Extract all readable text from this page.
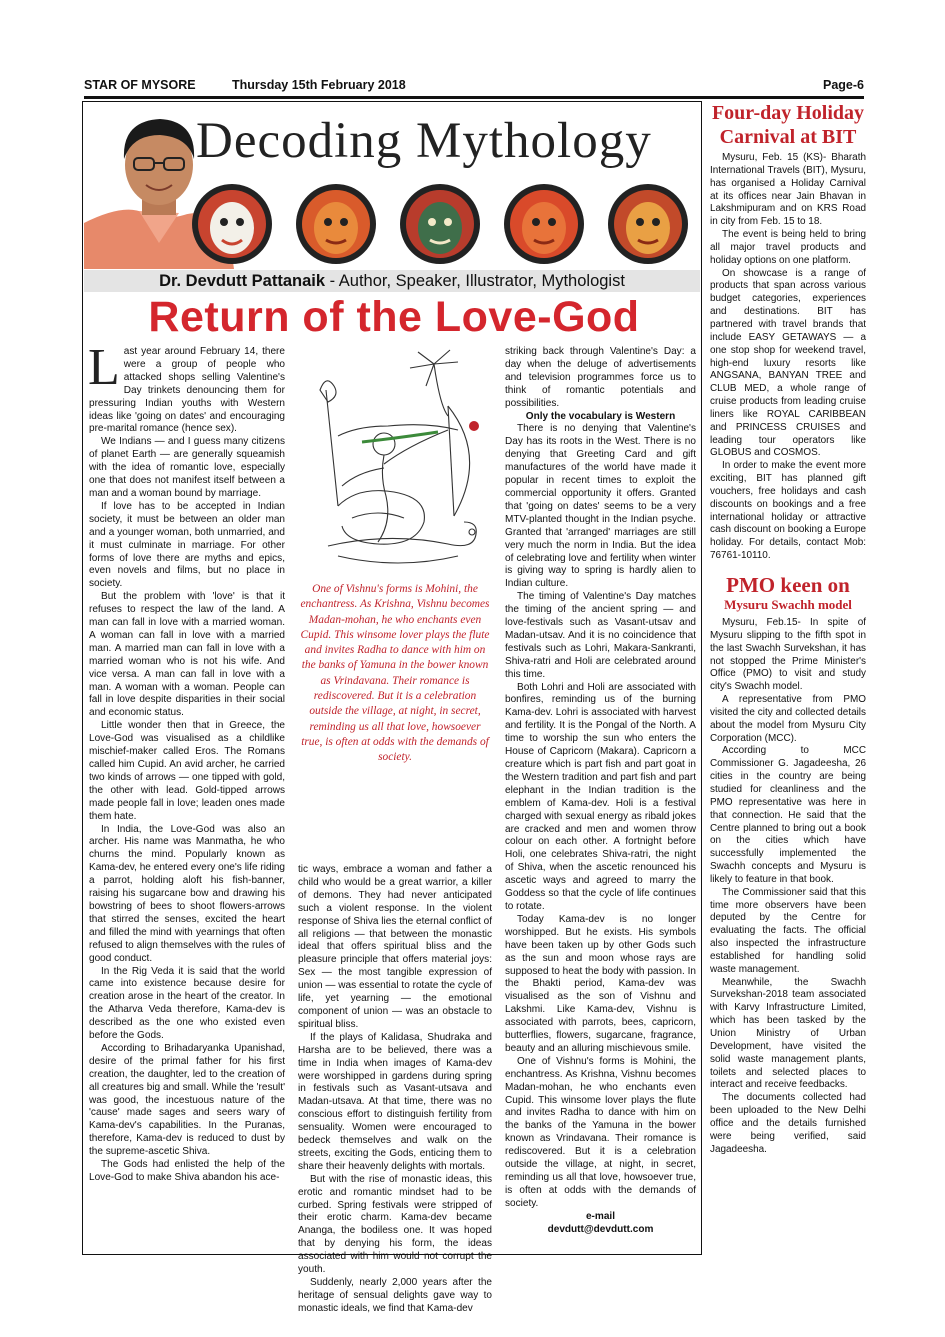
STAR OF MYSORE	Thursday 15th February 2018	Page-6
Decoding Mythology
Dr. Devdutt Pattanaik - Author, Speaker, Illustrator, Mythologist
Return of the Love-God
L ast year around February 14, there were a group of people who attacked shops selling Valentine's Day trinkets denouncing them for pressuring Indian youths with Western ideas like 'going on dates' and encouraging pre-marital romance (hence sex).

We Indians — and I guess many citizens of planet Earth — are generally squeamish with the idea of romantic love, especially one that does not manifest itself between a man and a woman bound by marriage.

If love has to be accepted in Indian society, it must be between an older man and a younger woman, both unmarried, and it must culminate in marriage. For other forms of love there are myths and epics, even novels and films, but no place in society.

But the problem with 'love' is that it refuses to respect the law of the land. A man can fall in love with a married woman. A woman can fall in love with a married man. A married man can fall in love with a married woman who is not his wife. And vice versa. A man can fall in love with a man. A woman with a woman. People can fall in love despite disparities in their social and economic status.

Little wonder then that in Greece, the Love-God was visualised as a childlike mischief-maker called Eros. The Romans called him Cupid. An avid archer, he carried two kinds of arrows — one tipped with gold, the other with lead. Gold-tipped arrows made people fall in love; leaden ones made them hate.

In India, the Love-God was also an archer. His name was Manmatha, he who churns the mind. Popularly known as Kama-dev, he entered every one's life riding a parrot, holding aloft his fish-banner, raising his sugarcane bow and drawing his bowstring of bees to shoot flowers-arrows that stirred the senses, excited the heart and filled the mind with yearnings that often refused to align themselves with the rules of good conduct.

In the Rig Veda it is said that the world came into existence because desire for creation arose in the heart of the creator. In the Atharva Veda therefore, Kama-dev is described as the one who existed even before the Gods.

According to Brihadaryanka Upanishad, desire of the primal father for his first creation, the daughter, led to the creation of all creatures big and small. While the 'result' was good, the incestuous nature of the 'cause' made sages and seers wary of Kama-dev's capabilities. In the Puranas, therefore, Kama-dev is reduced to dust by the supreme-ascetic Shiva.

The Gods had enlisted the help of the Love-God to make Shiva abandon his ace-

One of Vishnu's forms is Mohini, the enchantress. As Krishna, Vishnu becomes Madan-mohan, he who enchants even Cupid. This winsome lover plays the flute and invites Radha to dance with him on the banks of Yamuna in the bower known as Vrindavana. Their romance is rediscovered. But it is a celebration outside the village, at night, in secret, reminding us all that love, howsoever true, is often at odds with the demands of society.

tic ways, embrace a woman and father a child who would be a great warrior, a killer of demons. They had never anticipated such a violent response. In the violent response of Shiva lies the eternal conflict of all religions — that between the monastic ideal that offers spiritual bliss and the pleasure principle that offers material joys: Sex — the most tangible expression of union — was essential to rotate the cycle of life, yet yearning — the emotional component of union — was an obstacle to spiritual bliss.

If the plays of Kalidasa, Shudraka and Harsha are to be believed, there was a time in India when images of Kama-dev were worshipped in gardens during spring in festivals such as Vasant-utsava and Madan-utsava. At that time, there was no conscious effort to distinguish fertility from sensuality. Women were encouraged to bedeck themselves and walk on the streets, exciting the Gods, enticing them to share their heavenly delights with mortals.

But with the rise of monastic ideas, this erotic and romantic mindset had to be curbed. Spring festivals were stripped of their erotic charm. Kama-dev became Ananga, the bodiless one. It was hoped that by denying his form, the ideas associated with him would not corrupt the youth.

Suddenly, nearly 2,000 years after the heritage of sensual delights gave way to monastic ideals, we find that Kama-dev

striking back through Valentine's Day: a day when the deluge of advertisements and television programmes force us to think of romantic potentials and possibilities.

Only the vocabulary is Western

There is no denying that Valentine's Day has its roots in the West. There is no denying that Greeting Card and gift manufactures of the world have made it popular in recent times to exploit the commercial opportunity it offers. Granted that 'going on dates' seems to be a very MTV-planted thought in the Indian psyche. Granted that 'arranged' marriages are still very much the norm in India. But the idea of celebrating love and fertility when winter is giving way to spring is hardly alien to Indian culture.

The timing of Valentine's Day matches the timing of the ancient spring — and love-festivals such as Vasant-utsav and Madan-utsav. And it is no coincidence that festivals such as Lohri, Makara-Sankranti, Shiva-ratri and Holi are celebrated around this time.

Both Lohri and Holi are associated with bonfires, reminding us of the burning Kama-dev. Lohri is associated with harvest and fertility. It is the Pongal of the North. A time to worship the sun who enters the House of Capricorn (Makara). Capricorn a creature which is part fish and part goat in the Western tradition and part fish and part elephant in the Indian tradition is the emblem of Kama-dev. Holi is a festival charged with sexual energy as ribald jokes are cracked and men and women throw colour on each other. A fortnight before Holi, one celebrates Shiva-ratri, the night of Shiva, when the ascetic renounced his ascetic ways and agreed to marry the Goddess so that the cycle of life continues to rotate.

Today Kama-dev is no longer worshipped. But he exists. His symbols have been taken up by other Gods such as the sun and moon whose rays are supposed to heat the body with passion. In the Bhakti period, Kama-dev was visualised as the son of Vishnu and Lakshmi. Like Kama-dev, Vishnu is associated with parrots, bees, capricorn, butterflies, flowers, sugarcane, fragrance, beauty and an alluring mischievous smile.

One of Vishnu's forms is Mohini, the enchantress. As Krishna, Vishnu becomes Madan-mohan, he who enchants even Cupid. This winsome lover plays the flute and invites Radha to dance with him on the banks of the Yamuna in the bower known as Vrindavana. Their romance is rediscovered. But it is a celebration outside the village, at night, in secret, reminding us all that love, howsoever true, is often at odds with the demands of society.

e-mail

devdutt@devdutt.com

Four-day Holiday Carnival at BIT

Mysuru, Feb. 15 (KS)- Bharath International Travels (BIT), Mysuru, has organised a Holiday Carnival at its offices near Jain Bhavan in Lakshmipuram and on KRS Road in city from Feb. 15 to 18.

The event is being held to bring all major travel products and holiday options on one platform.

On showcase is a range of products that span across various budget categories, experiences and destinations. BIT has partnered with travel brands that include EASY GETAWAYS — a one stop shop for weekend travel, high-end luxury resorts like ANGSANA, BANYAN TREE and CLUB MED, a whole range of cruise products from leading cruise liners like ROYAL CARIBBEAN and PRINCESS CRUISES and leading tour operators like GLOBUS and COSMOS.

In order to make the event more exciting, BIT has planned gift vouchers, free holidays and cash discounts on bookings and a free international holiday or attractive cash discount on booking a Europe holiday. For details, contact Mob: 76761-10110.

PMO keen on
Mysuru Swachh model

Mysuru, Feb.15- In spite of Mysuru slipping to the fifth spot in the last Swachh Survekshan, it has not stopped the Prime Minister's Office (PMO) to visit and study city's Swachh model.

A representative from PMO visited the city and collected details about the model from Mysuru City Corporation (MCC).

According to MCC Commissioner G. Jagadeesha, 26 cities in the country are being studied for cleanliness and the PMO representative was here in that connection. He said that the Centre planned to bring out a book on the cities which have successfully implemented the Swachh concepts and Mysuru is likely to feature in that book.

The Commissioner said that this time more observers have been deputed by the Centre for evaluating the facts. The official also inspected the infrastructure established for handling solid waste management.

Meanwhile, the Swachh Survekshan-2018 team associated with Karvy Infrastructure Limited, which has been tasked by the Union Ministry of Urban Development, have visited the solid waste management plants, toilets and selected places to interact and receive feedbacks.

The documents collected had been uploaded to the New Delhi office and the details furnished were being verified, said Jagadeesha.
